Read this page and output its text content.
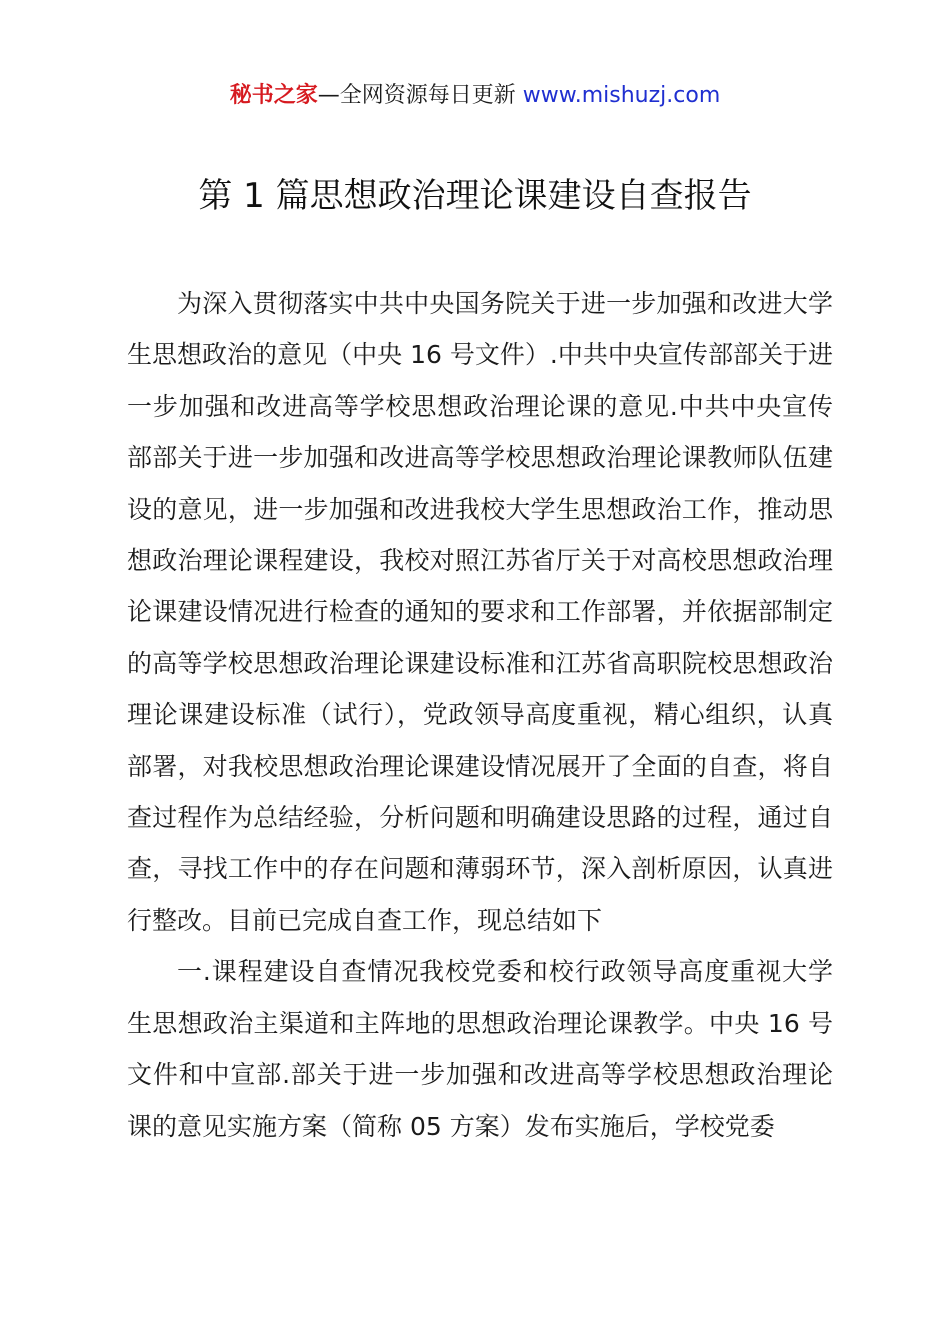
秘书之家—全网资源每日更新 www.mishuzj.com
第 1 篇思想政治理论课建设自查报告

为深入贯彻落实中共中央国务院关于进一步加强和改进大学生思想政治的意见（中央 16 号文件）.中共中央宣传部部关于进一步加强和改进高等学校思想政治理论课的意见.中共中央宣传部部关于进一步加强和改进高等学校思想政治理论课教师队伍建设的意见，进一步加强和改进我校大学生思想政治工作，推动思想政治理论课程建设，我校对照江苏省厅关于对高校思想政治理论课建设情况进行检查的通知的要求和工作部署，并依据部制定的高等学校思想政治理论课建设标准和江苏省高职院校思想政治理论课建设标准（试行），党政领导高度重视，精心组织，认真部署，对我校思想政治理论课建设情况展开了全面的自查，将自查过程作为总结经验，分析问题和明确建设思路的过程，通过自查，寻找工作中的存在问题和薄弱环节，深入剖析原因，认真进行整改。目前已完成自查工作，现总结如下

一.课程建设自查情况我校党委和校行政领导高度重视大学生思想政治主渠道和主阵地的思想政治理论课教学。中央 16 号文件和中宣部.部关于进一步加强和改进高等学校思想政治理论课的意见实施方案（简称 05 方案）发布实施后，学校党委
